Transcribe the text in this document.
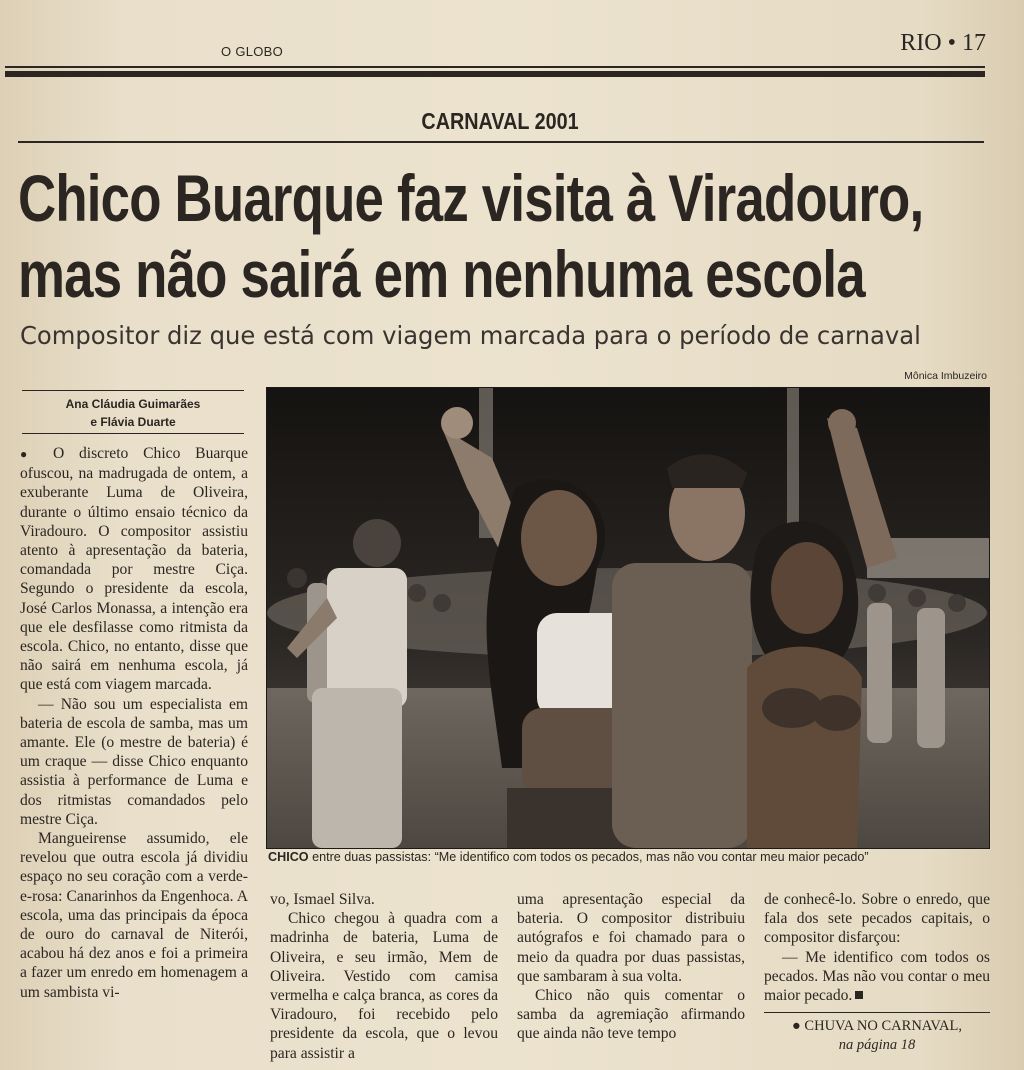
O GLOBO	RIO • 17
CARNAVAL 2001
Chico Buarque faz visita à Viradouro,
mas não sairá em nenhuma escola
Compositor diz que está com viagem marcada para o período de carnaval
Mônica Imbuzeiro
Ana Cláudia Guimarães
e Flávia Duarte
CHICO entre duas passistas: “Me identifico com todos os pecados, mas não vou contar meu maior pecado”

● O discreto Chico Buarque ofuscou, na madrugada de ontem, a exuberante Luma de Oliveira, durante o último ensaio técnico da Viradouro. O compositor assistiu atento à apresentação da bateria, comandada por mestre Ciça. Segundo o presidente da escola, José Carlos Monassa, a intenção era que ele desfilasse como ritmista da escola. Chico, no entanto, disse que não sairá em nenhuma escola, já que está com viagem marcada.

— Não sou um especialista em bateria de escola de samba, mas um amante. Ele (o mestre de bateria) é um craque — disse Chico enquanto assistia à performance de Luma e dos ritmistas comandados pelo mestre Ciça.

Mangueirense assumido, ele revelou que outra escola já dividiu espaço no seu coração com a verde-e-rosa: Canarinhos da Engenhoca. A escola, uma das principais da época de ouro do carnaval de Niterói, acabou há dez anos e foi a primeira a fazer um enredo em homenagem a um sambista vi-

vo, Ismael Silva.

Chico chegou à quadra com a madrinha de bateria, Luma de Oliveira, e seu irmão, Mem de Oliveira. Vestido com camisa vermelha e calça branca, as cores da Viradouro, foi recebido pelo presidente da escola, que o levou para assistir a

uma apresentação especial da bateria. O compositor distribuiu autógrafos e foi chamado para o meio da quadra por duas passistas, que sambaram à sua volta.

Chico não quis comentar o samba da agremiação afirmando que ainda não teve tempo

de conhecê-lo. Sobre o enredo, que fala dos sete pecados capitais, o compositor disfarçou:

— Me identifico com todos os pecados. Mas não vou contar o meu maior pecado.

● CHUVA NO CARNAVAL,
na página 18
